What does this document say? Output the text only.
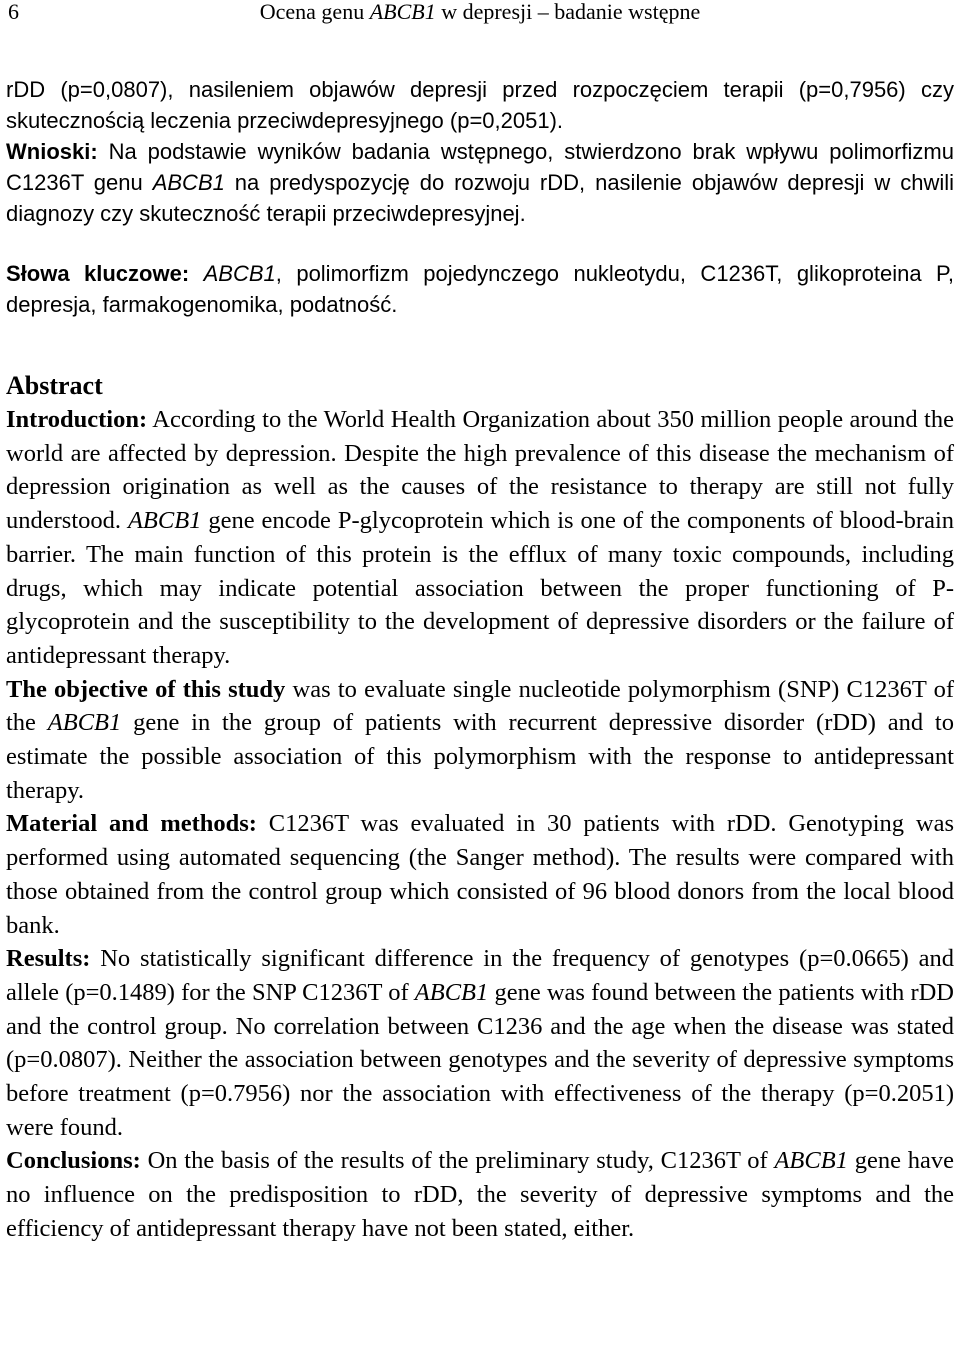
6	Ocena genu ABCB1 w depresji – badanie wstępne

rDD (p=0,0807), nasileniem objawów depresji przed rozpoczęciem terapii (p=0,7956) czy skutecznością leczenia przeciwdepresyjnego (p=0,2051).

Wnioski: Na podstawie wyników badania wstępnego, stwierdzono brak wpływu polimorfizmu C1236T genu ABCB1 na predyspozycję do rozwoju rDD, nasilenie objawów depresji w chwili diagnozy czy skuteczność terapii przeciwdepresyjnej.

Słowa kluczowe: ABCB1, polimorfizm pojedynczego nukleotydu, C1236T, glikoproteina P, depresja, farmakogenomika, podatność.

Abstract

Introduction: According to the World Health Organization about 350 million people around the world are affected by depression. Despite the high prevalence of this disease the mechanism of depression origination as well as the causes of the resistance to therapy are still not fully understood. ABCB1 gene encode P-glycoprotein which is one of the components of blood-brain barrier. The main function of this protein is the efflux of many toxic compounds, including drugs, which may indicate potential association between the proper functioning of P-glycoprotein and the susceptibility to the development of depressive disorders or the failure of antidepressant therapy.

The objective of this study was to evaluate single nucleotide polymorphism (SNP) C1236T of the ABCB1 gene in the group of patients with recurrent depressive disorder (rDD) and to estimate the possible association of this polymorphism with the response to antidepressant therapy.

Material and methods: C1236T was evaluated in 30 patients with rDD. Genotyping was performed using automated sequencing (the Sanger method). The results were compared with those obtained from the control group which consisted of 96 blood donors from the local blood bank.

Results: No statistically significant difference in the frequency of genotypes (p=0.0665) and allele (p=0.1489) for the SNP C1236T of ABCB1 gene was found between the patients with rDD and the control group. No correlation between C1236 and the age when the disease was stated (p=0.0807). Neither the association between genotypes and the severity of depressive symptoms before treatment (p=0.7956) nor the association with effectiveness of the therapy (p=0.2051) were found.

Conclusions: On the basis of the results of the preliminary study, C1236T of ABCB1 gene have no influence on the predisposition to rDD, the severity of depressive symptoms and the efficiency of antidepressant therapy have not been stated, either.
